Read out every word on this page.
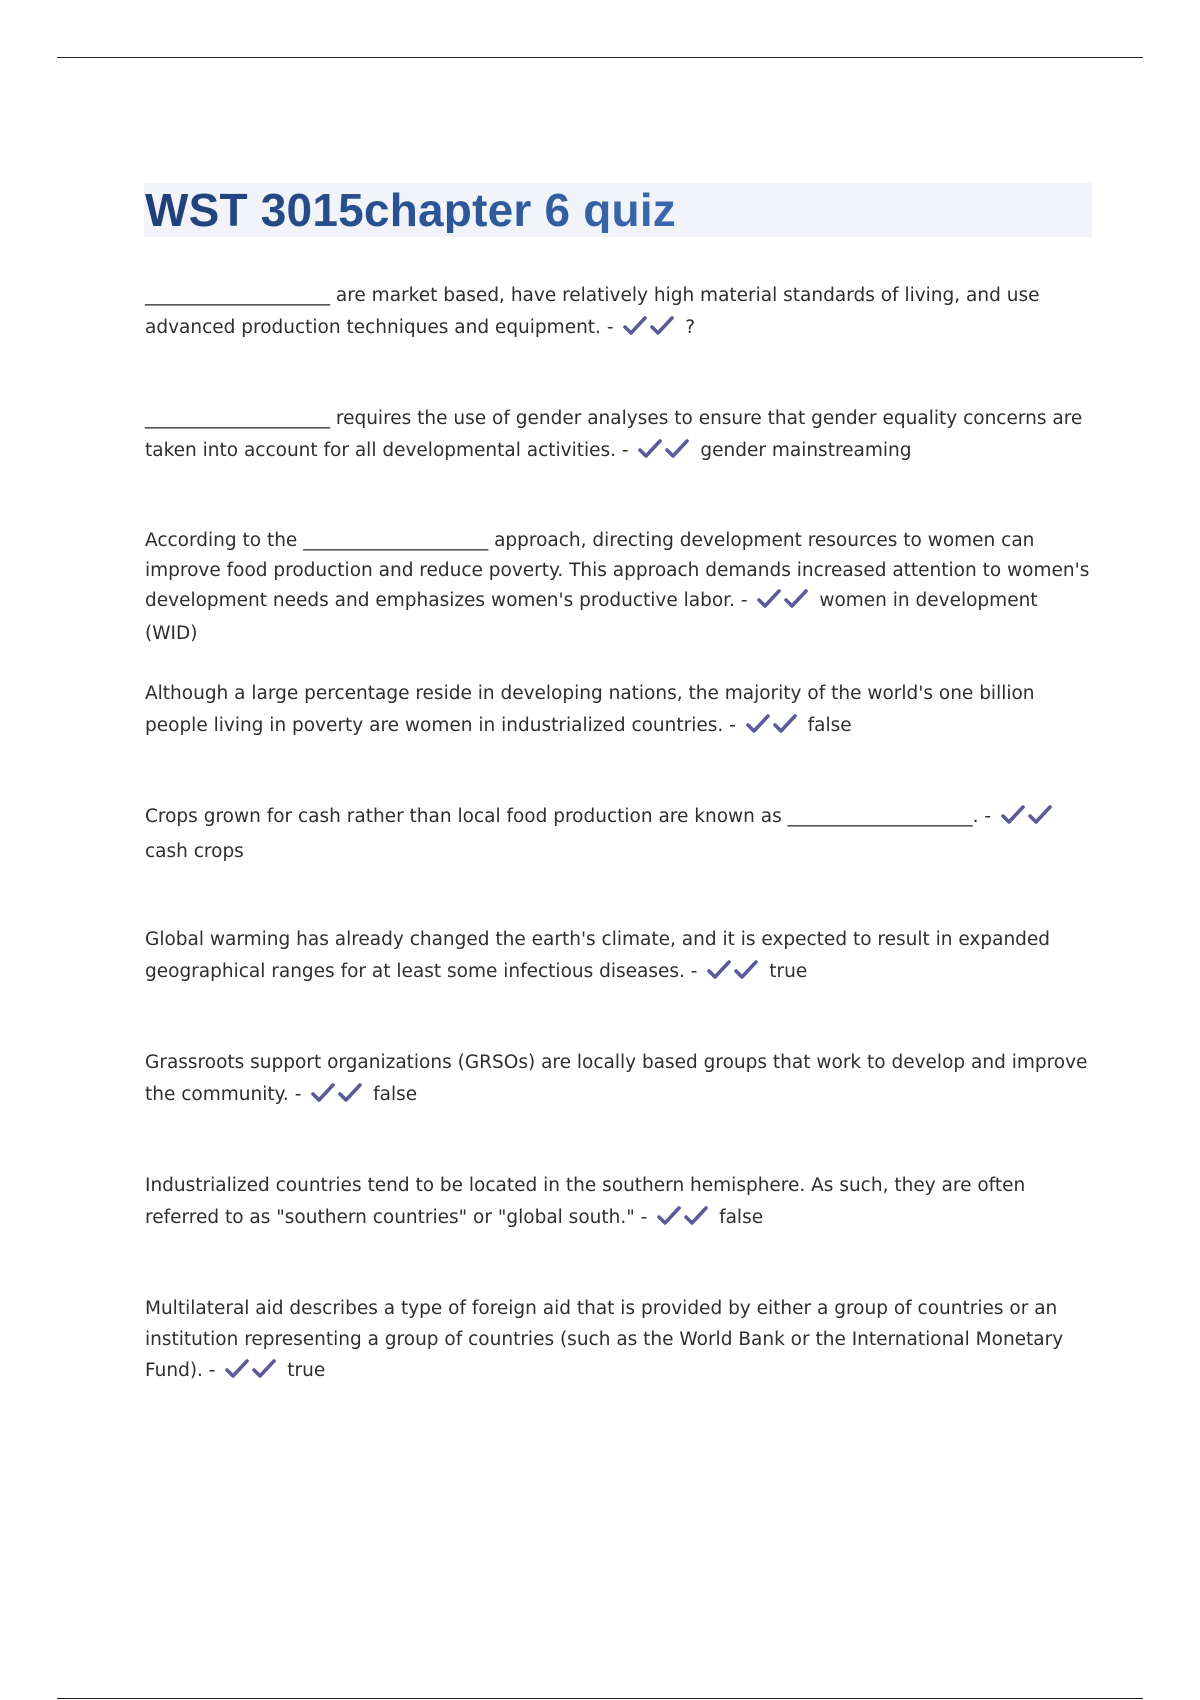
WST 3015chapter 6 quiz

____________________ are market based, have relatively high material standards of living, and use advanced production techniques and equipment. -	?

____________________ requires the use of gender analyses to ensure that gender equality concerns are taken into account for all developmental activities. -	gender mainstreaming

According to the ____________________ approach, directing development resources to women can improve food production and reduce poverty. This approach demands increased attention to women's development needs and emphasizes women's productive labor. -	women in development (WID)

Although a large percentage reside in developing nations, the majority of the world's one billion people living in poverty are women in industrialized countries. -	false

Crops grown for cash rather than local food production are known as ____________________. -
cash crops

Global warming has already changed the earth's climate, and it is expected to result in expanded geographical ranges for at least some infectious diseases. -	true

Grassroots support organizations (GRSOs) are locally based groups that work to develop and improve the community. -	false

Industrialized countries tend to be located in the southern hemisphere. As such, they are often referred to as "southern countries" or "global south." -	false

Multilateral aid describes a type of foreign aid that is provided by either a group of countries or an institution representing a group of countries (such as the World Bank or the International Monetary Fund). -	true
